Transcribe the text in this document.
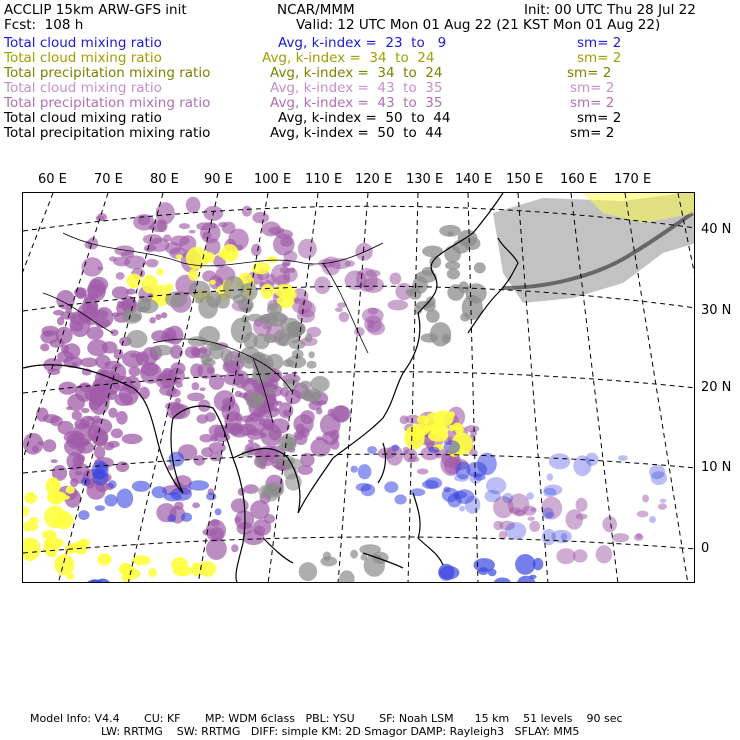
ACCLIP 15km ARW-GFS init	NCAR/MMM	Init: 00 UTC Thu 28 Jul 22
Fcst:  108 h	Valid: 12 UTC Mon 01 Aug 22 (21 KST Mon 01 Aug 22)
Total cloud mixing ratio	Avg, k-index =  23  to   9	sm= 2
Total cloud mixing ratio	Avg, k-index =  34  to  24	sm= 2
Total precipitation mixing ratio	Avg, k-index =  34  to  24	sm= 2
Total cloud mixing ratio	Avg, k-index =  43  to  35	sm= 2
Total precipitation mixing ratio	Avg, k-index =  43  to  35	sm= 2
Total cloud mixing ratio	Avg, k-index =  50  to  44	sm= 2
Total precipitation mixing ratio	Avg, k-index =  50  to  44	sm= 2
60 E 70 E 80 E 90 E 100 E 110 E 120 E 130 E 140 E 150 E 160 E 170 E
40 N
30 N
20 N
10 N
0
Model Info: V4.4       CU: KF       MP: WDM 6class   PBL: YSU       SF: Noah LSM      15 km    51 levels    90 sec
LW: RRTMG    SW: RRTMG   DIFF: simple KM: 2D Smagor DAMP: Rayleigh3   SFLAY: MM5
